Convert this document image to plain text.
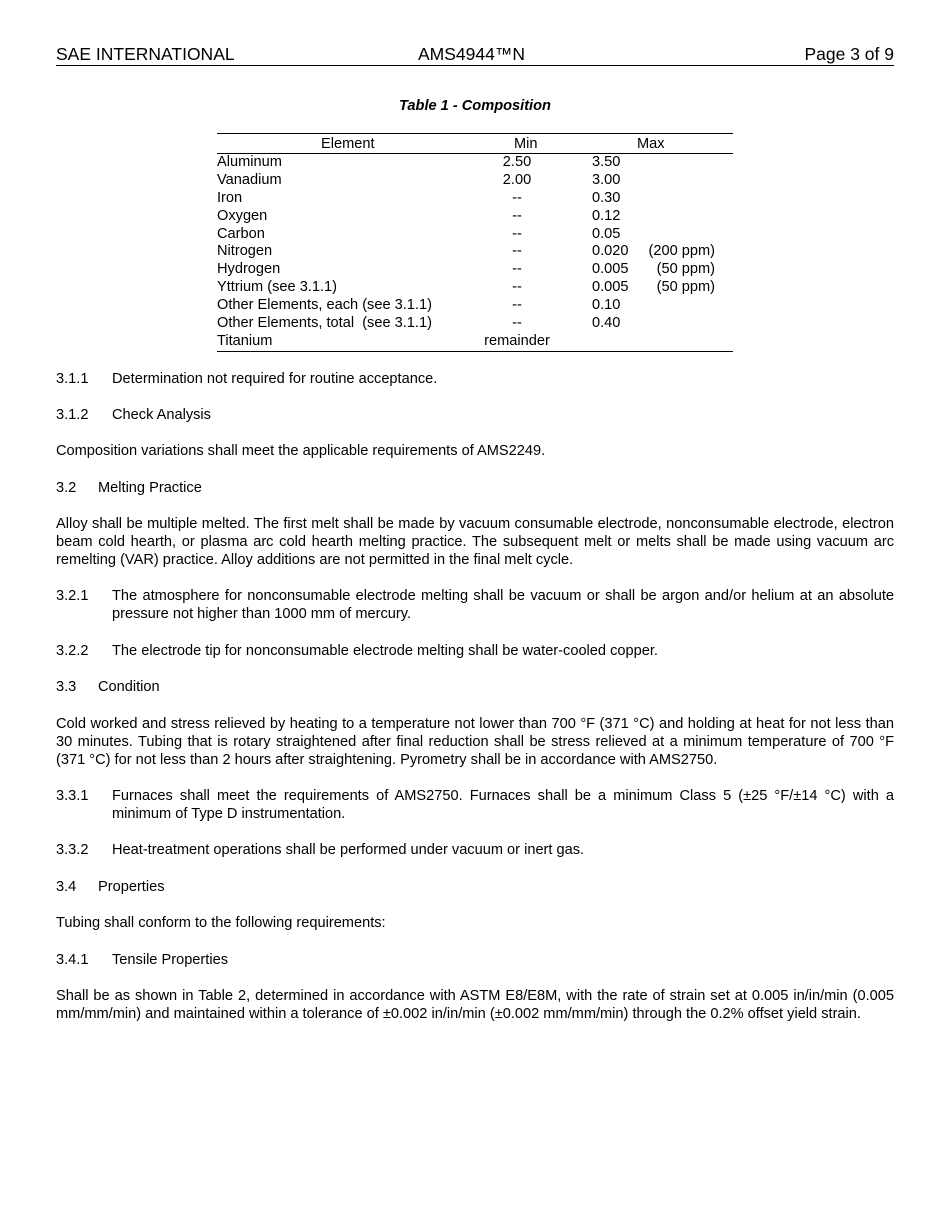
SAE INTERNATIONAL	AMS4944™N	Page 3 of 9
Table 1 - Composition
Element	Min	Max
Aluminum	2.50	3.50
Vanadium	2.00	3.00
Iron	--	0.30
Oxygen	--	0.12
Carbon	--	0.05
Nitrogen	--	0.020	(200 ppm)
Hydrogen	--	0.005	(50 ppm)
Yttrium (see 3.1.1)	--	0.005	(50 ppm)
Other Elements, each (see 3.1.1)	--	0.10
Other Elements, total  (see 3.1.1)	--	0.40
Titanium	remainder
3.1.1 Determination not required for routine acceptance.

3.1.2 Check Analysis

Composition variations shall meet the applicable requirements of AMS2249.

3.2 Melting Practice

Alloy shall be multiple melted. The first melt shall be made by vacuum consumable electrode, nonconsumable electrode, electron beam cold hearth, or plasma arc cold hearth melting practice. The subsequent melt or melts shall be made using vacuum arc remelting (VAR) practice. Alloy additions are not permitted in the final melt cycle.

3.2.1 The atmosphere for nonconsumable electrode melting shall be vacuum or shall be argon and/or helium at an absolute pressure not higher than 1000 mm of mercury.

3.2.2 The electrode tip for nonconsumable electrode melting shall be water-cooled copper.

3.3 Condition

Cold worked and stress relieved by heating to a temperature not lower than 700 °F (371 °C) and holding at heat for not less than 30 minutes. Tubing that is rotary straightened after final reduction shall be stress relieved at a minimum temperature of 700 °F (371 °C) for not less than 2 hours after straightening. Pyrometry shall be in accordance with AMS2750.

3.3.1 Furnaces shall meet the requirements of AMS2750. Furnaces shall be a minimum Class 5 (±25 °F/±14 °C) with a minimum of Type D instrumentation.

3.3.2 Heat-treatment operations shall be performed under vacuum or inert gas.

3.4 Properties

Tubing shall conform to the following requirements:

3.4.1 Tensile Properties

Shall be as shown in Table 2, determined in accordance with ASTM E8/E8M, with the rate of strain set at 0.005 in/in/min (0.005 mm/mm/min) and maintained within a tolerance of ±0.002 in/in/min (±0.002 mm/mm/min) through the 0.2% offset yield strain.
